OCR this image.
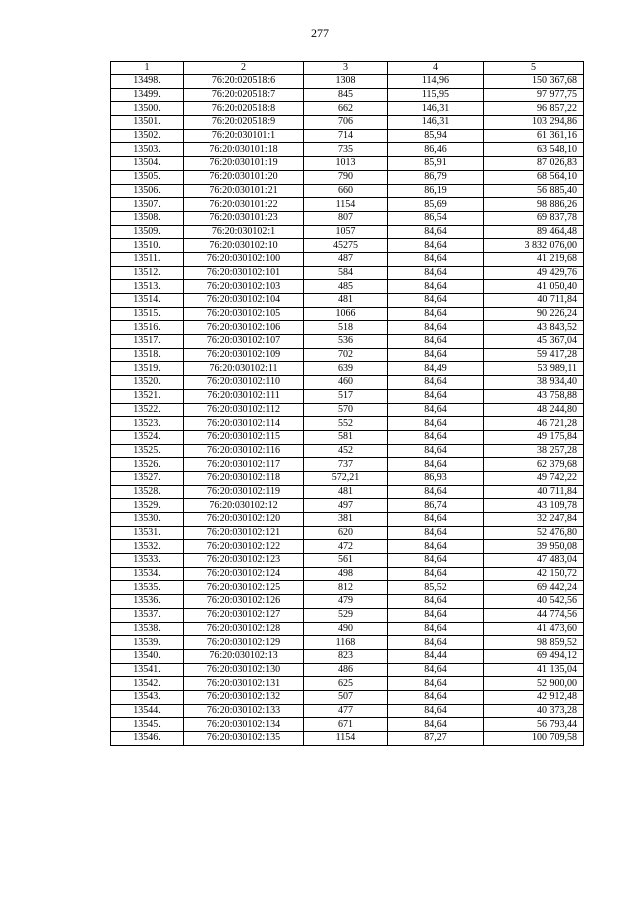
277
1	2	3	4	5
13498.	76:20:020518:6	1308	114,96	150 367,68
13499.	76:20:020518:7	845	115,95	97 977,75
13500.	76:20:020518:8	662	146,31	96 857,22
13501.	76:20:020518:9	706	146,31	103 294,86
13502.	76:20:030101:1	714	85,94	61 361,16
13503.	76:20:030101:18	735	86,46	63 548,10
13504.	76:20:030101:19	1013	85,91	87 026,83
13505.	76:20:030101:20	790	86,79	68 564,10
13506.	76:20:030101:21	660	86,19	56 885,40
13507.	76:20:030101:22	1154	85,69	98 886,26
13508.	76:20:030101:23	807	86,54	69 837,78
13509.	76:20:030102:1	1057	84,64	89 464,48
13510.	76:20:030102:10	45275	84,64	3 832 076,00
13511.	76:20:030102:100	487	84,64	41 219,68
13512.	76:20:030102:101	584	84,64	49 429,76
13513.	76:20:030102:103	485	84,64	41 050,40
13514.	76:20:030102:104	481	84,64	40 711,84
13515.	76:20:030102:105	1066	84,64	90 226,24
13516.	76:20:030102:106	518	84,64	43 843,52
13517.	76:20:030102:107	536	84,64	45 367,04
13518.	76:20:030102:109	702	84,64	59 417,28
13519.	76:20:030102:11	639	84,49	53 989,11
13520.	76:20:030102:110	460	84,64	38 934,40
13521.	76:20:030102:111	517	84,64	43 758,88
13522.	76:20:030102:112	570	84,64	48 244,80
13523.	76:20:030102:114	552	84,64	46 721,28
13524.	76:20:030102:115	581	84,64	49 175,84
13525.	76:20:030102:116	452	84,64	38 257,28
13526.	76:20:030102:117	737	84,64	62 379,68
13527.	76:20:030102:118	572,21	86,93	49 742,22
13528.	76:20:030102:119	481	84,64	40 711,84
13529.	76:20:030102:12	497	86,74	43 109,78
13530.	76:20:030102:120	381	84,64	32 247,84
13531.	76:20:030102:121	620	84,64	52 476,80
13532.	76:20:030102:122	472	84,64	39 950,08
13533.	76:20:030102:123	561	84,64	47 483,04
13534.	76:20:030102:124	498	84,64	42 150,72
13535.	76:20:030102:125	812	85,52	69 442,24
13536.	76:20:030102:126	479	84,64	40 542,56
13537.	76:20:030102:127	529	84,64	44 774,56
13538.	76:20:030102:128	490	84,64	41 473,60
13539.	76:20:030102:129	1168	84,64	98 859,52
13540.	76:20:030102:13	823	84,44	69 494,12
13541.	76:20:030102:130	486	84,64	41 135,04
13542.	76:20:030102:131	625	84,64	52 900,00
13543.	76:20:030102:132	507	84,64	42 912,48
13544.	76:20:030102:133	477	84,64	40 373,28
13545.	76:20:030102:134	671	84,64	56 793,44
13546.	76:20:030102:135	1154	87,27	100 709,58
